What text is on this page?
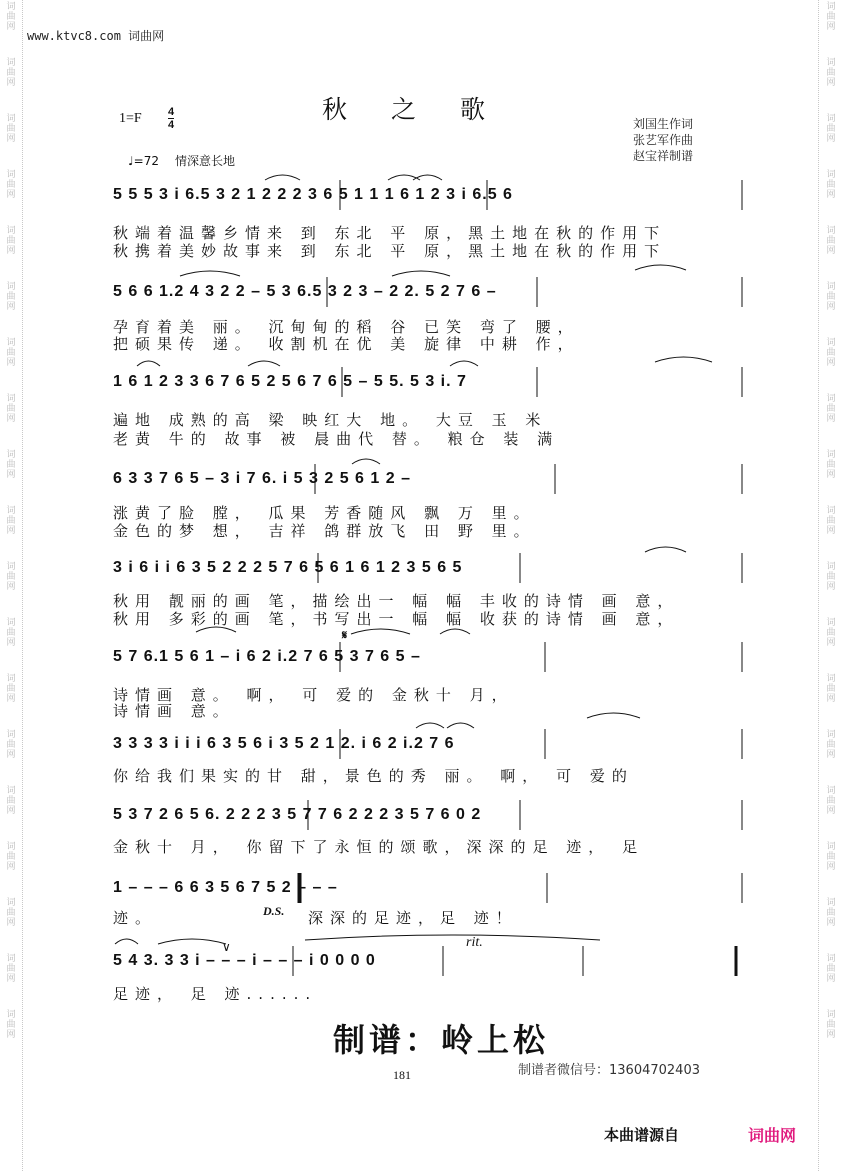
词
曲
网
词
曲
网
词
曲
网
词
曲
网
词
曲
网
词
曲
网
词
曲
网
词
曲
网
词
曲
网
词
曲
网
词
曲
网
词
曲
网
词
曲
网
词
曲
网
词
曲
网
词
曲
网
词
曲
网
词
曲
网
词
曲
网
词
曲
网
词
曲
网
词
曲
网
词
曲
网
词
曲
网
词
曲
网
词
曲
网
词
曲
网
词
曲
网
词
曲
网
词
曲
网
词
曲
网
词
曲
网
词
曲
网
词
曲
网
词
曲
网
词
曲
网
词
曲
网
词
曲
网
www.ktvc8.com 词曲网
1=F 4
4
秋之歌	刘国生作词
张艺军作曲
赵宝祥制谱
♩=72 情深意长地
5 5 5 3 i 6.5 3 2 1 2 2 2 3 6 5 1 1 1 6 1 2 3 i 6.5 6
秋端着温馨乡情来 到 东北 平 原，黑土地在秋的作用下
秋携着美妙故事来 到 东北 平 原，黑土地在秋的作用下
5 6 6 1.2 4 3 2 2 – 5 3 6.5 3 2 3 – 2 2. 5 2 7 6 –
孕育着美 丽。 沉甸甸的稻 谷 已笑 弯了 腰，
把硕果传 递。 收割机在优 美 旋律 中耕 作，
1 6 1 2 3 3 6 7 6 5 2 5 6 7 6 5 – 5 5. 5 3 i. 7
遍地 成熟的高 梁 映红大 地。 大豆 玉 米
老黄 牛的 故事 被 晨曲代 替。 粮仓 装 满
6 3 3 7 6 5 – 3 i 7 6. i 5 3 2 5 6 1 2 –
涨黄了脸 膛， 瓜果 芳香随风 飘 万 里。
金色的梦 想， 吉祥 鸽群放飞 田 野 里。
3 i 6 i i 6 3 5 2 2 2 5 7 6 5 6 1 6 1 2 3 5 6 5
秋用 靓丽的画 笔，描绘出一 幅 幅 丰收的诗情 画 意，
秋用 多彩的画 笔，书写出一 幅 幅 收获的诗情 画 意，
5 7 6.1 5 6 1 – i 6 2 i.2 7 6 5 3 7 6 5 –
诗情画 意。 啊， 可 爱的 金秋十 月，
诗情画 意。
3 3 3 3 i i i 6 3 5 6 i 3 5 2 1 2. i 6 2 i.2 7 6
你给我们果实的甘 甜，景色的秀 丽。 啊， 可 爱的
5 3 7 2 6 5 6. 2 2 2 3 5 7 7 6 2 2 2 3 5 7 6 0 2
金秋十 月， 你留下了永恒的颂歌，深深的足 迹， 足
1 – – – 6 6 3 5 6 7 5 2 – – –
迹。	深深的足迹，足 迹！
5 4 3. 3 3 i – – – i – – – i 0 0 0 0
足迹， 足 迹......
D.S.
𝄋
rit.
∨
制谱：岭上松
181	制谱者微信号：13604702403
本曲谱源自	词曲网
